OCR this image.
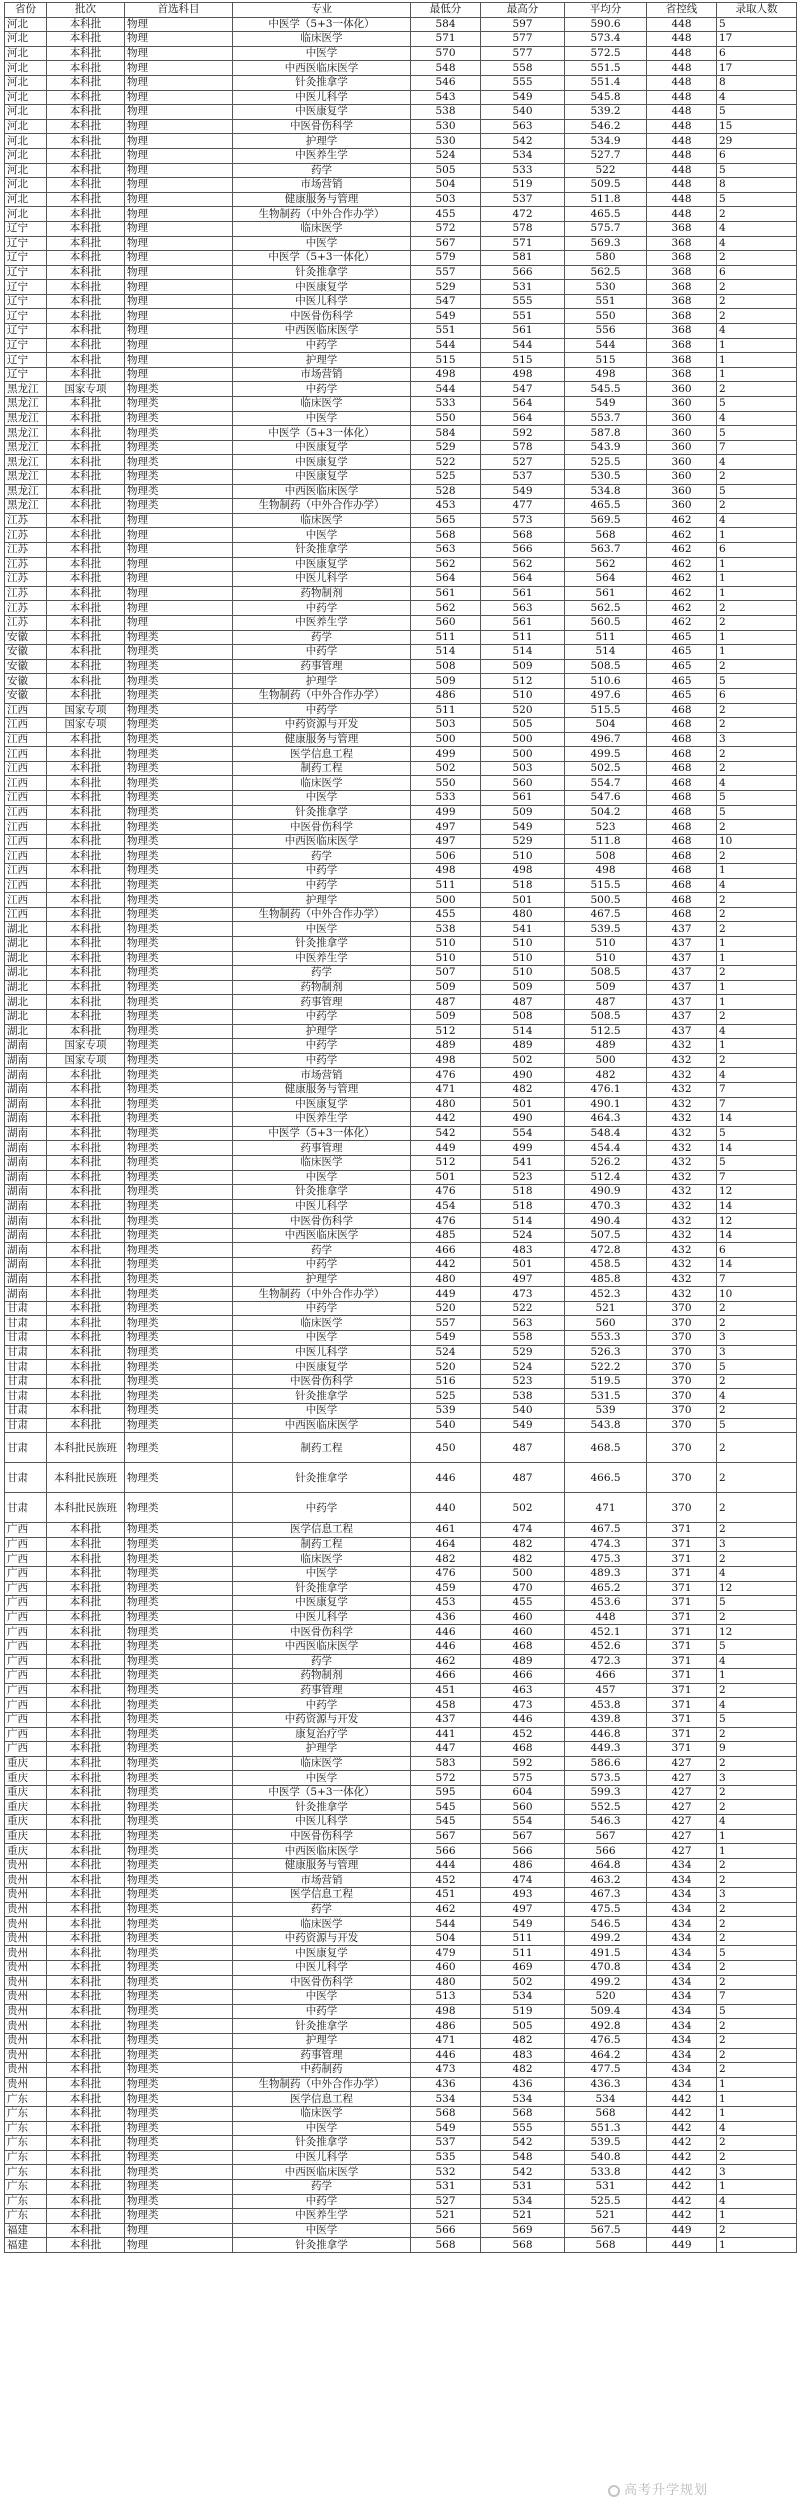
省份	批次	首选科目	专业	最低分	最高分	平均分	省控线	录取人数
河北	本科批	物理	中医学（5+3一体化）	584	597	590.6	448	5
河北	本科批	物理	临床医学	571	577	573.4	448	17
河北	本科批	物理	中医学	570	577	572.5	448	6
河北	本科批	物理	中西医临床医学	548	558	551.5	448	17
河北	本科批	物理	针灸推拿学	546	555	551.4	448	8
河北	本科批	物理	中医儿科学	543	549	545.8	448	4
河北	本科批	物理	中医康复学	538	540	539.2	448	5
河北	本科批	物理	中医骨伤科学	530	563	546.2	448	15
河北	本科批	物理	护理学	530	542	534.9	448	29
河北	本科批	物理	中医养生学	524	534	527.7	448	6
河北	本科批	物理	药学	505	533	522	448	5
河北	本科批	物理	市场营销	504	519	509.5	448	8
河北	本科批	物理	健康服务与管理	503	537	511.8	448	5
河北	本科批	物理	生物制药（中外合作办学）	455	472	465.5	448	2
辽宁	本科批	物理	临床医学	572	578	575.7	368	4
辽宁	本科批	物理	中医学	567	571	569.3	368	4
辽宁	本科批	物理	中医学（5+3一体化）	579	581	580	368	2
辽宁	本科批	物理	针灸推拿学	557	566	562.5	368	6
辽宁	本科批	物理	中医康复学	529	531	530	368	2
辽宁	本科批	物理	中医儿科学	547	555	551	368	2
辽宁	本科批	物理	中医骨伤科学	549	551	550	368	2
辽宁	本科批	物理	中西医临床医学	551	561	556	368	4
辽宁	本科批	物理	中药学	544	544	544	368	1
辽宁	本科批	物理	护理学	515	515	515	368	1
辽宁	本科批	物理	市场营销	498	498	498	368	1
黑龙江	国家专项	物理类	中药学	544	547	545.5	360	2
黑龙江	本科批	物理类	临床医学	533	564	549	360	5
黑龙江	本科批	物理类	中医学	550	564	553.7	360	4
黑龙江	本科批	物理类	中医学（5+3一体化）	584	592	587.8	360	5
黑龙江	本科批	物理类	中医康复学	529	578	543.9	360	7
黑龙江	本科批	物理类	中医康复学	522	527	525.5	360	4
黑龙江	本科批	物理类	中医康复学	525	537	530.5	360	2
黑龙江	本科批	物理类	中西医临床医学	528	549	534.8	360	5
黑龙江	本科批	物理类	生物制药（中外合作办学）	453	477	465.5	360	2
江苏	本科批	物理	临床医学	565	573	569.5	462	4
江苏	本科批	物理	中医学	568	568	568	462	1
江苏	本科批	物理	针灸推拿学	563	566	563.7	462	6
江苏	本科批	物理	中医康复学	562	562	562	462	1
江苏	本科批	物理	中医儿科学	564	564	564	462	1
江苏	本科批	物理	药物制剂	561	561	561	462	1
江苏	本科批	物理	中药学	562	563	562.5	462	2
江苏	本科批	物理	中医养生学	560	561	560.5	462	2
安徽	本科批	物理类	药学	511	511	511	465	1
安徽	本科批	物理类	中药学	514	514	514	465	1
安徽	本科批	物理类	药事管理	508	509	508.5	465	2
安徽	本科批	物理类	护理学	509	512	510.6	465	5
安徽	本科批	物理类	生物制药（中外合作办学）	486	510	497.6	465	6
江西	国家专项	物理类	中药学	511	520	515.5	468	2
江西	国家专项	物理类	中药资源与开发	503	505	504	468	2
江西	本科批	物理类	健康服务与管理	500	500	496.7	468	3
江西	本科批	物理类	医学信息工程	499	500	499.5	468	2
江西	本科批	物理类	制药工程	502	503	502.5	468	2
江西	本科批	物理类	临床医学	550	560	554.7	468	4
江西	本科批	物理类	中医学	533	561	547.6	468	5
江西	本科批	物理类	针灸推拿学	499	509	504.2	468	5
江西	本科批	物理类	中医骨伤科学	497	549	523	468	2
江西	本科批	物理类	中西医临床医学	497	529	511.8	468	10
江西	本科批	物理类	药学	506	510	508	468	2
江西	本科批	物理类	中药学	498	498	498	468	1
江西	本科批	物理类	中药学	511	518	515.5	468	4
江西	本科批	物理类	护理学	500	501	500.5	468	2
江西	本科批	物理类	生物制药（中外合作办学）	455	480	467.5	468	2
湖北	本科批	物理类	中医学	538	541	539.5	437	2
湖北	本科批	物理类	针灸推拿学	510	510	510	437	1
湖北	本科批	物理类	中医养生学	510	510	510	437	1
湖北	本科批	物理类	药学	507	510	508.5	437	2
湖北	本科批	物理类	药物制剂	509	509	509	437	1
湖北	本科批	物理类	药事管理	487	487	487	437	1
湖北	本科批	物理类	中药学	509	508	508.5	437	2
湖北	本科批	物理类	护理学	512	514	512.5	437	4
湖南	国家专项	物理类	中药学	489	489	489	432	1
湖南	国家专项	物理类	中药学	498	502	500	432	2
湖南	本科批	物理类	市场营销	476	490	482	432	4
湖南	本科批	物理类	健康服务与管理	471	482	476.1	432	7
湖南	本科批	物理类	中医康复学	480	501	490.1	432	7
湖南	本科批	物理类	中医养生学	442	490	464.3	432	14
湖南	本科批	物理类	中医学（5+3一体化）	542	554	548.4	432	5
湖南	本科批	物理类	药事管理	449	499	454.4	432	14
湖南	本科批	物理类	临床医学	512	541	526.2	432	5
湖南	本科批	物理类	中医学	501	523	512.4	432	7
湖南	本科批	物理类	针灸推拿学	476	518	490.9	432	12
湖南	本科批	物理类	中医儿科学	454	518	470.3	432	14
湖南	本科批	物理类	中医骨伤科学	476	514	490.4	432	12
湖南	本科批	物理类	中西医临床医学	485	524	507.5	432	14
湖南	本科批	物理类	药学	466	483	472.8	432	6
湖南	本科批	物理类	中药学	442	501	458.5	432	14
湖南	本科批	物理类	护理学	480	497	485.8	432	7
湖南	本科批	物理类	生物制药（中外合作办学）	449	473	452.3	432	10
甘肃	本科批	物理类	中药学	520	522	521	370	2
甘肃	本科批	物理类	临床医学	557	563	560	370	2
甘肃	本科批	物理类	中医学	549	558	553.3	370	3
甘肃	本科批	物理类	中医儿科学	524	529	526.3	370	3
甘肃	本科批	物理类	中医康复学	520	524	522.2	370	5
甘肃	本科批	物理类	中医骨伤科学	516	523	519.5	370	2
甘肃	本科批	物理类	针灸推拿学	525	538	531.5	370	4
甘肃	本科批	物理类	中医学	539	540	539	370	2
甘肃	本科批	物理类	中西医临床医学	540	549	543.8	370	5
甘肃	本科批民族班	物理类	制药工程	450	487	468.5	370	2
甘肃	本科批民族班	物理类	针灸推拿学	446	487	466.5	370	2
甘肃	本科批民族班	物理类	中药学	440	502	471	370	2
广西	本科批	物理类	医学信息工程	461	474	467.5	371	2
广西	本科批	物理类	制药工程	464	482	474.3	371	3
广西	本科批	物理类	临床医学	482	482	475.3	371	2
广西	本科批	物理类	中医学	476	500	489.3	371	4
广西	本科批	物理类	针灸推拿学	459	470	465.2	371	12
广西	本科批	物理类	中医康复学	453	455	453.6	371	5
广西	本科批	物理类	中医儿科学	436	460	448	371	2
广西	本科批	物理类	中医骨伤科学	446	460	452.1	371	12
广西	本科批	物理类	中西医临床医学	446	468	452.6	371	5
广西	本科批	物理类	药学	462	489	472.3	371	4
广西	本科批	物理类	药物制剂	466	466	466	371	1
广西	本科批	物理类	药事管理	451	463	457	371	2
广西	本科批	物理类	中药学	458	473	453.8	371	4
广西	本科批	物理类	中药资源与开发	437	446	439.8	371	5
广西	本科批	物理类	康复治疗学	441	452	446.8	371	2
广西	本科批	物理类	护理学	447	468	449.3	371	9
重庆	本科批	物理类	临床医学	583	592	586.6	427	2
重庆	本科批	物理类	中医学	572	575	573.5	427	3
重庆	本科批	物理类	中医学（5+3一体化）	595	604	599.3	427	2
重庆	本科批	物理类	针灸推拿学	545	560	552.5	427	2
重庆	本科批	物理类	中医儿科学	545	554	546.3	427	4
重庆	本科批	物理类	中医骨伤科学	567	567	567	427	1
重庆	本科批	物理类	中西医临床医学	566	566	566	427	1
贵州	本科批	物理类	健康服务与管理	444	486	464.8	434	2
贵州	本科批	物理类	市场营销	452	474	463.2	434	2
贵州	本科批	物理类	医学信息工程	451	493	467.3	434	3
贵州	本科批	物理类	药学	462	497	475.5	434	2
贵州	本科批	物理类	临床医学	544	549	546.5	434	2
贵州	本科批	物理类	中药资源与开发	504	511	499.2	434	2
贵州	本科批	物理类	中医康复学	479	511	491.5	434	5
贵州	本科批	物理类	中医儿科学	460	469	470.8	434	2
贵州	本科批	物理类	中医骨伤科学	480	502	499.2	434	2
贵州	本科批	物理类	中医学	513	534	520	434	7
贵州	本科批	物理类	中药学	498	519	509.4	434	5
贵州	本科批	物理类	针灸推拿学	486	505	492.8	434	2
贵州	本科批	物理类	护理学	471	482	476.5	434	2
贵州	本科批	物理类	药事管理	446	483	464.2	434	2
贵州	本科批	物理类	中药制药	473	482	477.5	434	2
贵州	本科批	物理类	生物制药（中外合作办学）	436	436	436.3	434	1
广东	本科批	物理类	医学信息工程	534	534	534	442	1
广东	本科批	物理类	临床医学	568	568	568	442	1
广东	本科批	物理类	中医学	549	555	551.3	442	4
广东	本科批	物理类	针灸推拿学	537	542	539.5	442	2
广东	本科批	物理类	中医儿科学	535	548	540.8	442	2
广东	本科批	物理类	中西医临床医学	532	542	533.8	442	3
广东	本科批	物理类	药学	531	531	531	442	1
广东	本科批	物理类	中药学	527	534	525.5	442	4
广东	本科批	物理类	中医养生学	521	521	521	442	1
福建	本科批	物理	中医学	566	569	567.5	449	2
福建	本科批	物理	针灸推拿学	568	568	568	449	1
高考升学规划
